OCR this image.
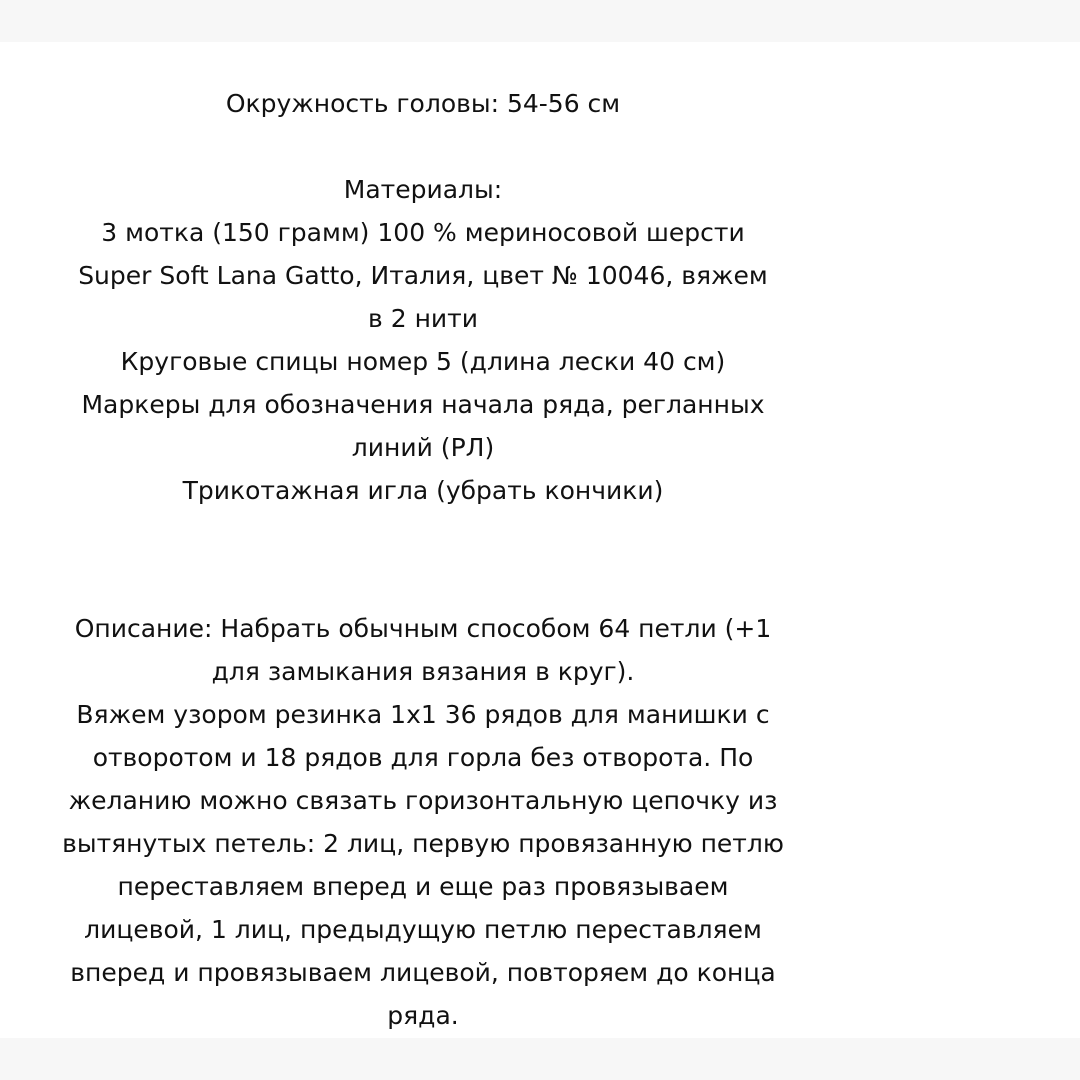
Окружность головы: 54-56 см
Материалы:
3 мотка (150 грамм) 100 % мериносовой шерсти
Super Soft Lana Gatto, Италия, цвет № 10046, вяжем
в 2 нити
Круговые спицы номер 5 (длина лески 40 см)
Маркеры для обозначения начала ряда, регланных
линий (РЛ)
Трикотажная игла (убрать кончики)
Описание: Набрать обычным способом 64 петли (+1
для замыкания вязания в круг).
Вяжем узором резинка 1х1 36 рядов для манишки с
отворотом и 18 рядов для горла без отворота. По
желанию можно связать горизонтальную цепочку из
вытянутых петель: 2 лиц, первую провязанную петлю
переставляем вперед и еще раз провязываем
лицевой, 1 лиц, предыдущую петлю переставляем
вперед и провязываем лицевой, повторяем до конца
ряда.
